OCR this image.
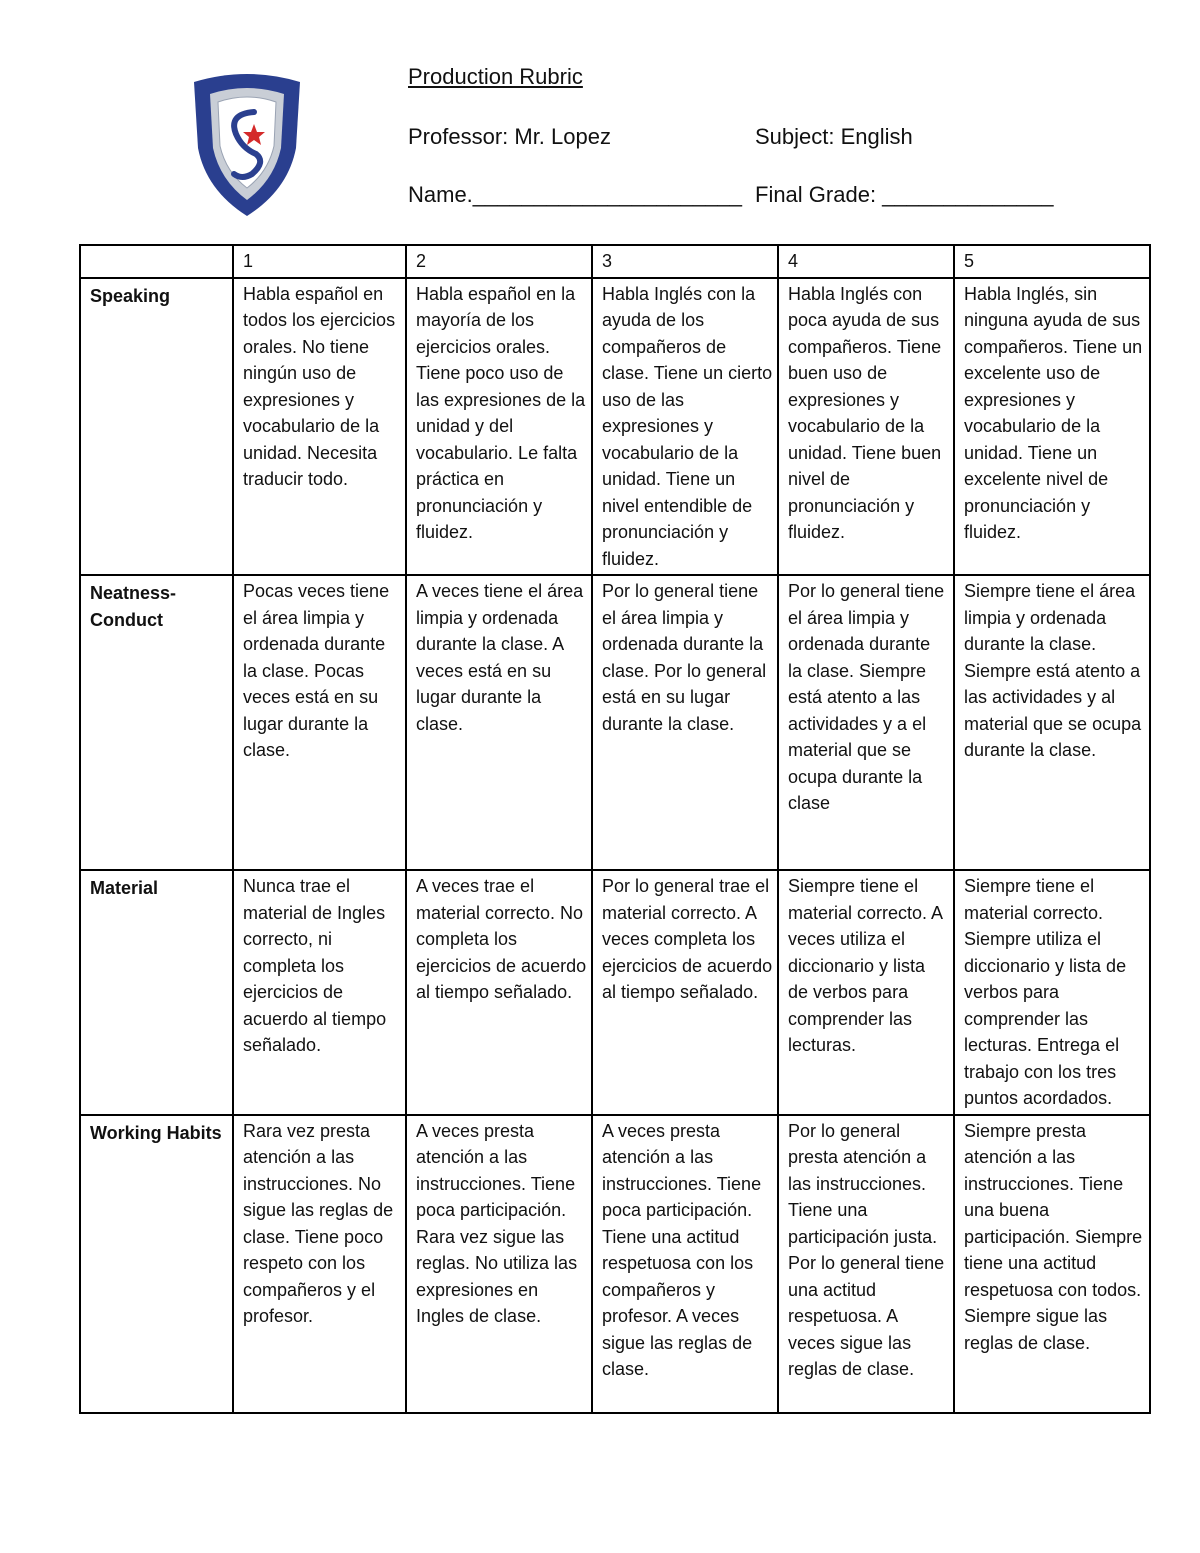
Production Rubric
Professor: Mr. Lopez	Subject: English
Name.______________________ Final Grade: ______________
	1	2	3	4	5
Speaking	Habla español en todos los ejercicios orales. No tiene ningún uso de expresiones y vocabulario de la unidad. Necesita traducir todo.	Habla español en la mayoría de los ejercicios orales. Tiene poco uso de las expresiones de la unidad y del vocabulario. Le falta práctica en pronunciación y fluidez.	Habla Inglés con la ayuda de los compañeros de clase. Tiene un cierto uso de las expresiones y vocabulario de la unidad. Tiene un nivel entendible de pronunciación y fluidez.	Habla Inglés con poca ayuda de sus compañeros. Tiene buen uso de expresiones y vocabulario de la unidad. Tiene buen nivel de pronunciación y fluidez.	Habla Inglés, sin ninguna ayuda de sus compañeros. Tiene un excelente uso de expresiones y vocabulario de la unidad. Tiene un excelente nivel de pronunciación y fluidez.
Neatness- Conduct	Pocas veces tiene el área limpia y ordenada durante la clase. Pocas veces está en su lugar durante la clase.	A veces tiene el área limpia y ordenada durante la clase. A veces está en su lugar durante la clase.	Por lo general tiene el área limpia y ordenada durante la clase. Por lo general está en su lugar durante la clase.	Por lo general tiene el área limpia y ordenada durante la clase. Siempre está atento a las actividades y a el material que se ocupa durante la clase	Siempre tiene el área limpia y ordenada durante la clase. Siempre está atento a las actividades y al material que se ocupa durante la clase.
Material	Nunca trae el material de Ingles correcto, ni completa los ejercicios de acuerdo al tiempo señalado.	A veces trae el material correcto. No completa los ejercicios de acuerdo al tiempo señalado.	Por lo general trae el material correcto. A veces completa los ejercicios de acuerdo al tiempo señalado.	Siempre tiene el material correcto. A veces utiliza el diccionario y lista de verbos para comprender las lecturas.	Siempre tiene el material correcto. Siempre utiliza el diccionario y lista de verbos para comprender las lecturas. Entrega el trabajo con los tres puntos acordados.
Working Habits	Rara vez presta atención a las instrucciones. No sigue las reglas de clase. Tiene poco respeto con los compañeros y el profesor.	A veces presta atención a las instrucciones. Tiene poca participación. Rara vez sigue las reglas. No utiliza las expresiones en Ingles de clase.	A veces presta atención a las instrucciones. Tiene poca participación. Tiene una actitud respetuosa con los compañeros y profesor. A veces sigue las reglas de clase.	Por lo general presta atención a las instrucciones. Tiene una participación justa. Por lo general tiene una actitud respetuosa. A veces sigue las reglas de clase.	Siempre presta atención a las instrucciones. Tiene una buena participación. Siempre tiene una actitud respetuosa con todos. Siempre sigue las reglas de clase.
